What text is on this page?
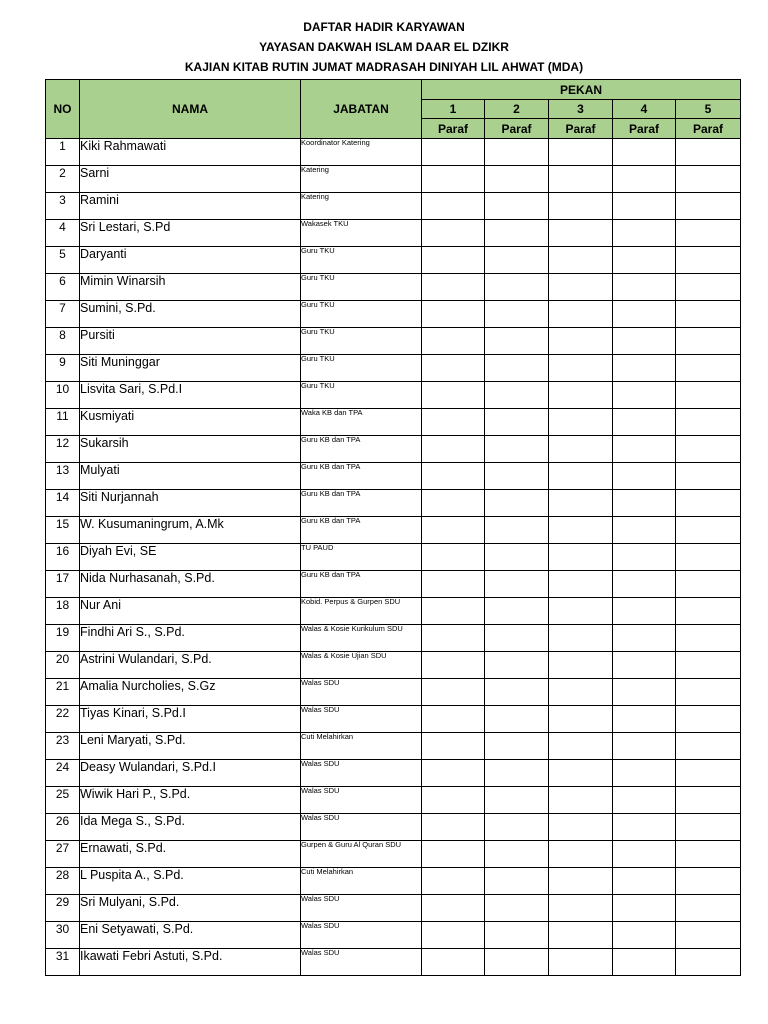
DAFTAR HADIR KARYAWAN
YAYASAN DAKWAH ISLAM DAAR EL DZIKR
KAJIAN KITAB RUTIN JUMAT MADRASAH DINIYAH LIL AHWAT (MDA)
NO	NAMA	JABATAN	PEKAN				
			1	2	3	4	5
			Paraf	Paraf	Paraf	Paraf	Paraf
1	Kiki Rahmawati	Koordinator Katering					
2	Sarni	Katering					
3	Ramini	Katering					
4	Sri Lestari, S.Pd	Wakasek TKU					
5	Daryanti	Guru TKU					
6	Mimin Winarsih	Guru TKU					
7	Sumini, S.Pd.	Guru TKU					
8	Pursiti	Guru TKU					
9	Siti Muninggar	Guru TKU					
10	Lisvita Sari, S.Pd.I	Guru TKU					
11	Kusmiyati	Waka KB dan TPA					
12	Sukarsih	Guru KB dan TPA					
13	Mulyati	Guru KB dan TPA					
14	Siti Nurjannah	Guru KB dan TPA					
15	W. Kusumaningrum, A.Mk	Guru KB dan TPA					
16	Diyah Evi, SE	TU PAUD					
17	Nida Nurhasanah, S.Pd.	Guru KB dan TPA					
18	Nur Ani	Kobid. Perpus & Gurpen SDU					
19	Findhi Ari S., S.Pd.	Walas & Kosie Kurikulum SDU					
20	Astrini Wulandari, S.Pd.	Walas & Kosie Ujian SDU					
21	Amalia Nurcholies, S.Gz	Walas SDU					
22	Tiyas Kinari, S.Pd.I	Walas SDU					
23	Leni Maryati, S.Pd.	Cuti Melahirkan					
24	Deasy Wulandari, S.Pd.I	Walas SDU					
25	Wiwik Hari P., S.Pd.	Walas SDU					
26	Ida Mega S., S.Pd.	Walas SDU					
27	Ernawati, S.Pd.	Gurpen & Guru Al Quran SDU					
28	L Puspita A., S.Pd.	Cuti Melahirkan					
29	Sri Mulyani, S.Pd.	Walas SDU					
30	Eni Setyawati, S.Pd.	Walas SDU					
31	Ikawati Febri Astuti, S.Pd.	Walas SDU					
